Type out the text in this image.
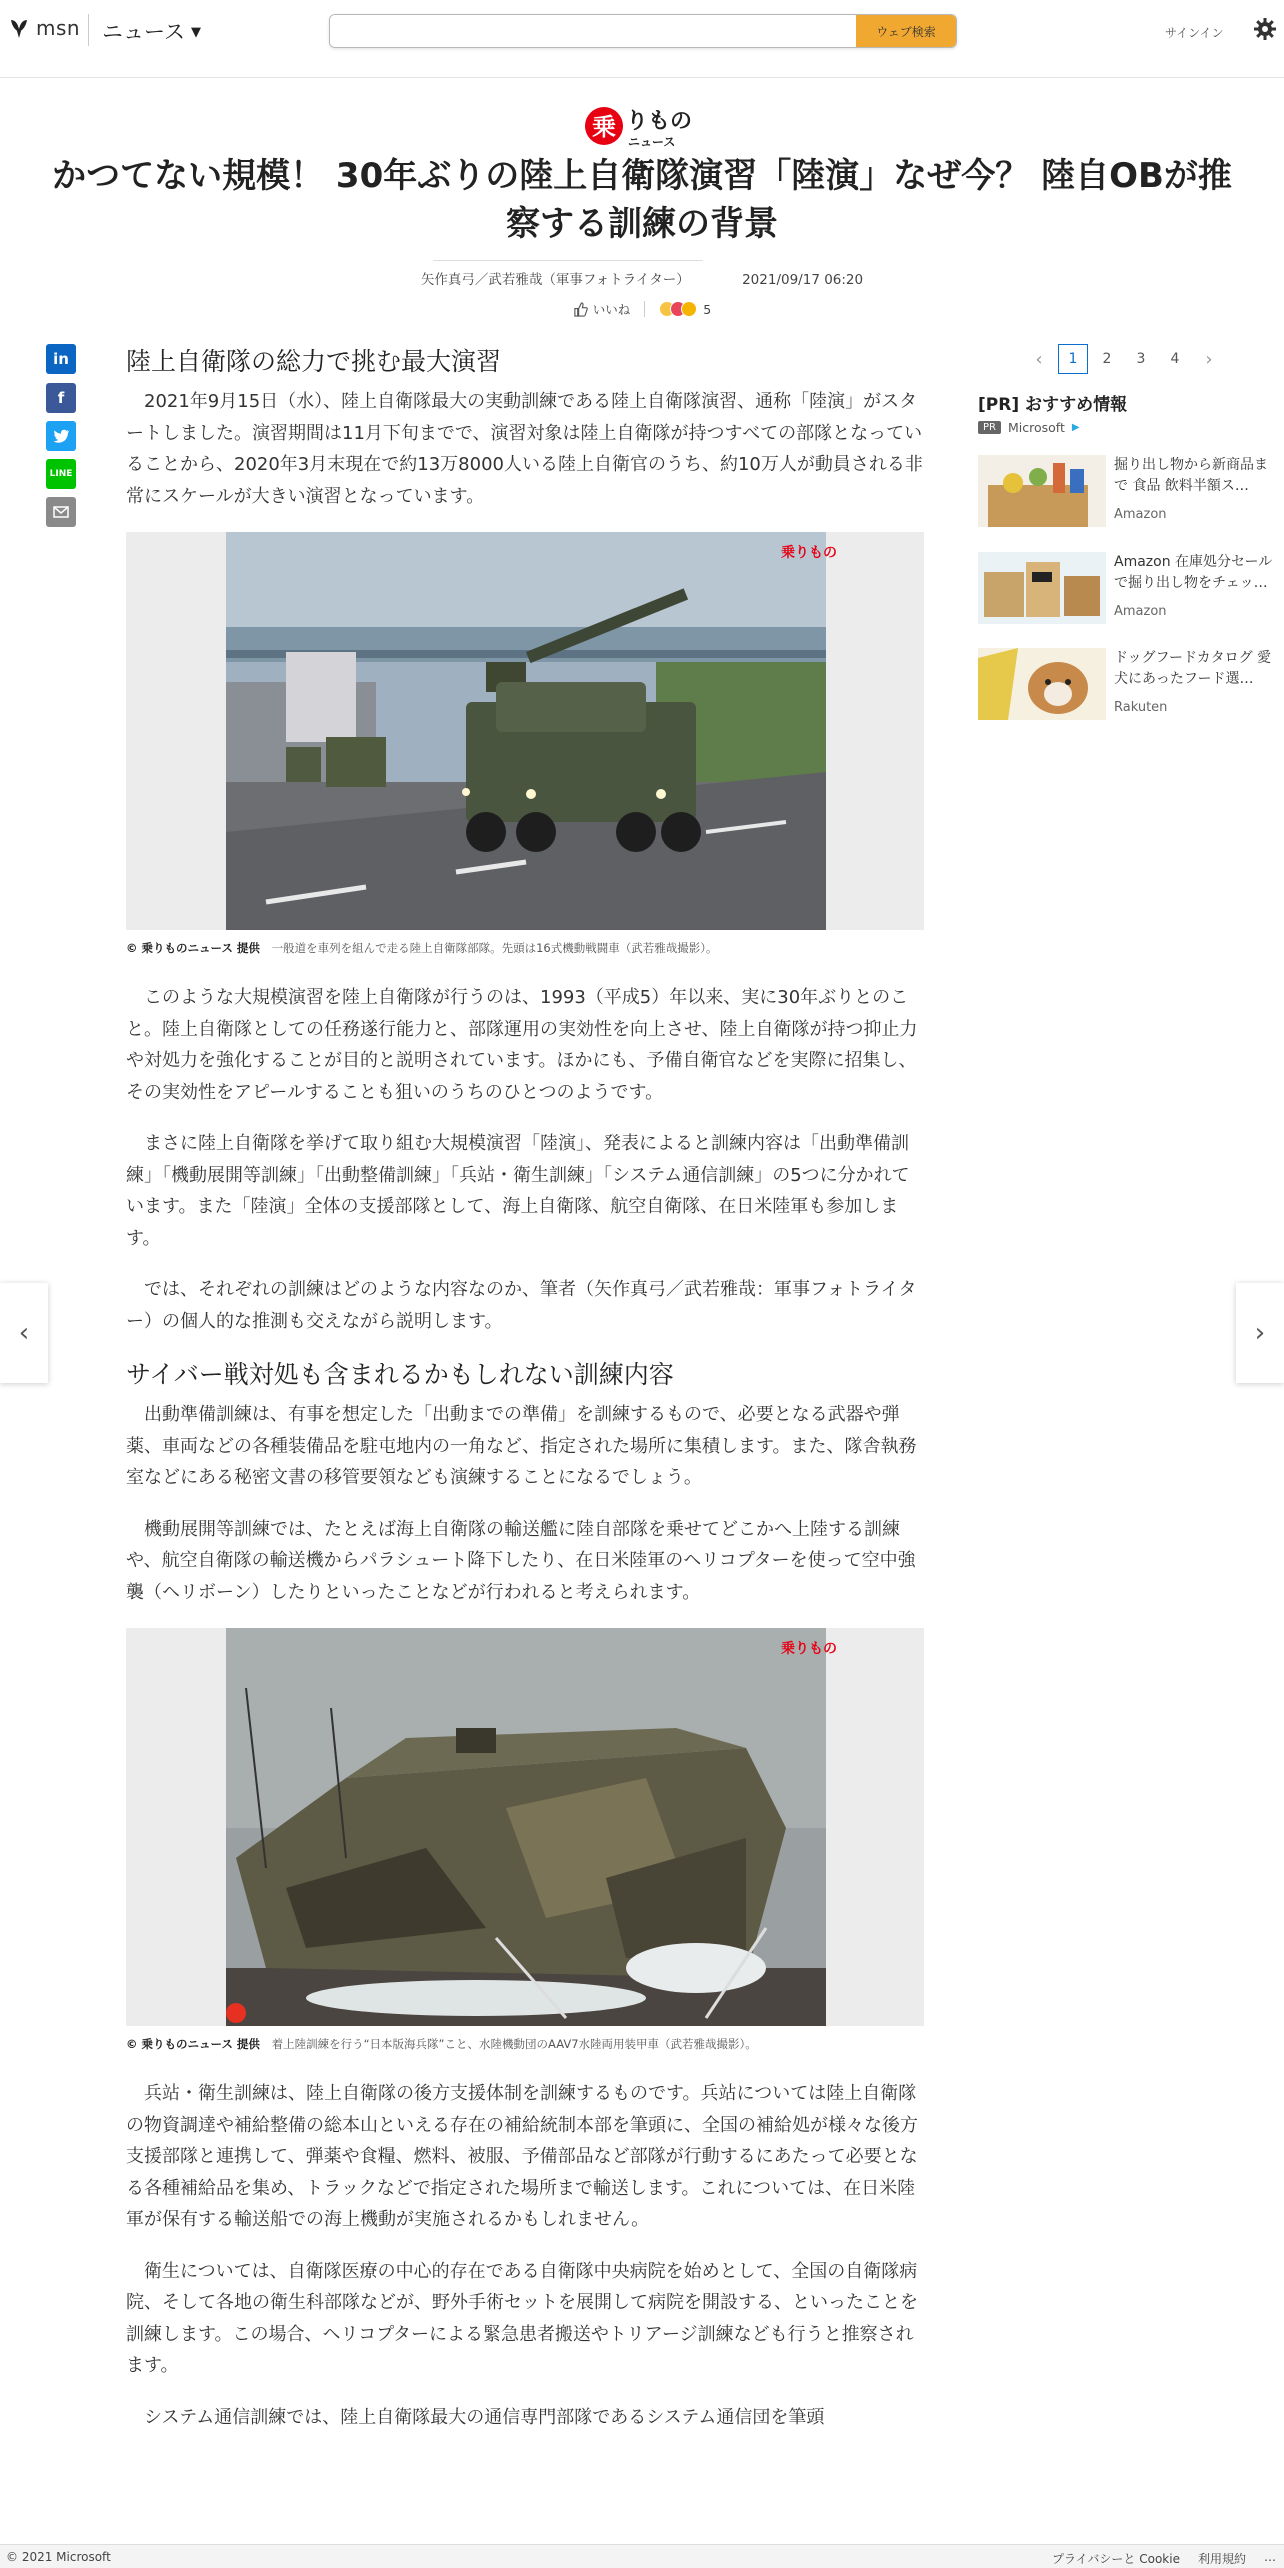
msn ニュース ▼	ウェブ検索	サインイン
乗 りもの
ニュース
かつてない規模！ 30年ぶりの陸上自衛隊演習「陸演」なぜ今？ 陸自OBが推察する訓練の背景
矢作真弓／武若雅哉（軍事フォトライター）	2021/09/17 06:20
いいね	5
in
f
LINE
陸上自衛隊の総力で挑む最大演習

2021年9月15日（水）、陸上自衛隊最大の実動訓練である陸上自衛隊演習、通称「陸演」がスタートしました。演習期間は11月下旬までで、演習対象は陸上自衛隊が持つすべての部隊となっていることから、2020年3月末現在で約13万8000人いる陸上自衛官のうち、約10万人が動員される非常にスケールが大きい演習となっています。

乗りもの
© 乗りものニュース 提供 一般道を車列を組んで走る陸上自衛隊部隊。先頭は16式機動戦闘車（武若雅哉撮影）。

このような大規模演習を陸上自衛隊が行うのは、1993（平成5）年以来、実に30年ぶりとのこと。陸上自衛隊としての任務遂行能力と、部隊運用の実効性を向上させ、陸上自衛隊が持つ抑止力や対処力を強化することが目的と説明されています。ほかにも、予備自衛官などを実際に招集し、その実効性をアピールすることも狙いのうちのひとつのようです。

まさに陸上自衛隊を挙げて取り組む大規模演習「陸演」、発表によると訓練内容は「出動準備訓練」「機動展開等訓練」「出動整備訓練」「兵站・衛生訓練」「システム通信訓練」の5つに分かれています。また「陸演」全体の支援部隊として、海上自衛隊、航空自衛隊、在日米陸軍も参加します。

では、それぞれの訓練はどのような内容なのか、筆者（矢作真弓／武若雅哉：軍事フォトライター）の個人的な推測も交えながら説明します。

サイバー戦対処も含まれるかもしれない訓練内容

出動準備訓練は、有事を想定した「出動までの準備」を訓練するもので、必要となる武器や弾薬、車両などの各種装備品を駐屯地内の一角など、指定された場所に集積します。また、隊舎執務室などにある秘密文書の移管要領なども演練することになるでしょう。

機動展開等訓練では、たとえば海上自衛隊の輸送艦に陸自部隊を乗せてどこかへ上陸する訓練や、航空自衛隊の輸送機からパラシュート降下したり、在日米陸軍のヘリコプターを使って空中強襲（ヘリボーン）したりといったことなどが行われると考えられます。

乗りもの
© 乗りものニュース 提供 着上陸訓練を行う“日本版海兵隊”こと、水陸機動団のAAV7水陸両用装甲車（武若雅哉撮影）。

兵站・衛生訓練は、陸上自衛隊の後方支援体制を訓練するものです。兵站については陸上自衛隊の物資調達や補給整備の総本山といえる存在の補給統制本部を筆頭に、全国の補給処が様々な後方支援部隊と連携して、弾薬や食糧、燃料、被服、予備部品など部隊が行動するにあたって必要となる各種補給品を集め、トラックなどで指定された場所まで輸送します。これについては、在日米陸軍が保有する輸送船での海上機動が実施されるかもしれません。

衛生については、自衛隊医療の中心的存在である自衛隊中央病院を始めとして、全国の自衛隊病院、そして各地の衛生科部隊などが、野外手術セットを展開して病院を開設する、といったことを訓練します。この場合、ヘリコプターによる緊急患者搬送やトリアージ訓練なども行うと推察されます。

システム通信訓練では、陸上自衛隊最大の通信専門部隊であるシステム通信団を筆頭

‹	1	2	3	4	›
[PR] おすすめ情報
PR Microsoft ▶
掘り出し物から新商品まで 食品 飲料半額ス…
Amazon
Amazon 在庫処分セールで掘り出し物をチェッ…
Amazon
ドッグフードカタログ 愛犬にあったフード選…
Rakuten
‹	›
© 2021 Microsoft	プライバシーと Cookie 利用規約 …
